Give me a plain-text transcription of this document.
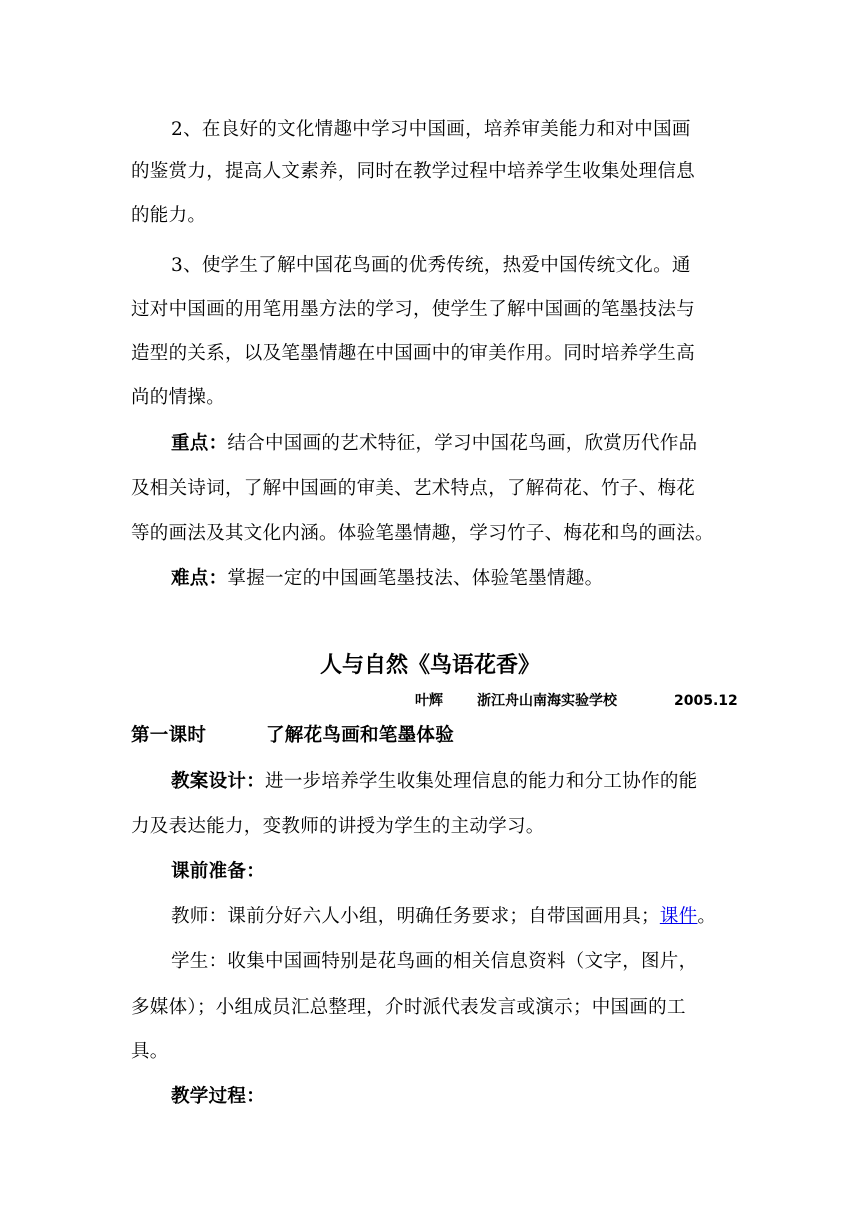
2、在良好的文化情趣中学习中国画，培养审美能力和对中国画
的鉴赏力，提高人文素养，同时在教学过程中培养学生收集处理信息
的能力。
3、使学生了解中国花鸟画的优秀传统，热爱中国传统文化。通
过对中国画的用笔用墨方法的学习，使学生了解中国画的笔墨技法与
造型的关系，以及笔墨情趣在中国画中的审美作用。同时培养学生高
尚的情操。
重点：结合中国画的艺术特征，学习中国花鸟画，欣赏历代作品
及相关诗词，了解中国画的审美、艺术特点，了解荷花、竹子、梅花
等的画法及其文化内涵。体验笔墨情趣，学习竹子、梅花和鸟的画法。
难点：掌握一定的中国画笔墨技法、体验笔墨情趣。
人与自然《鸟语花香》
叶辉 浙江舟山南海实验学校	2005.12
第一课时	了解花鸟画和笔墨体验
教案设计：进一步培养学生收集处理信息的能力和分工协作的能
力及表达能力，变教师的讲授为学生的主动学习。
课前准备：
教师：课前分好六人小组，明确任务要求；自带国画用具；课件。
学生：收集中国画特别是花鸟画的相关信息资料（文字，图片，
多媒体）；小组成员汇总整理，介时派代表发言或演示；中国画的工
具。
教学过程：
